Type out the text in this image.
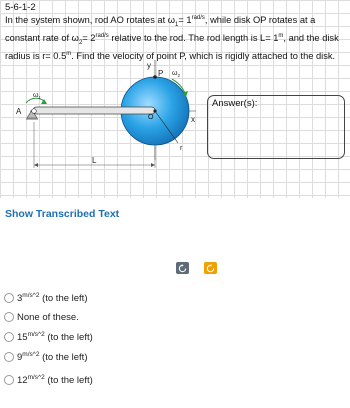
5-6-1-2
In the system shown, rod AO rotates at $\omega_1= 1^{rad/s}$, while disk OP rotates at a
constant rate of $\omega_2= 2^{rad/s}$ relative to the rod. The rod length is $L= 1^m$, and the disk
radius is $r= 0.5^m$. Find the velocity of point P, which is rigidly attached to the disk.
A
O
P
y
x
L
r
$\omega_1$
$\omega_2$
Answer(s):
Show Transcribed Text
$3^{m/s\^{}2}$ (to the left)
None of these.
$15^{m/s\^{}2}$ (to the left)
$9^{m/s\^{}2}$ (to the left)
$12^{m/s\^{}2}$ (to the left)
